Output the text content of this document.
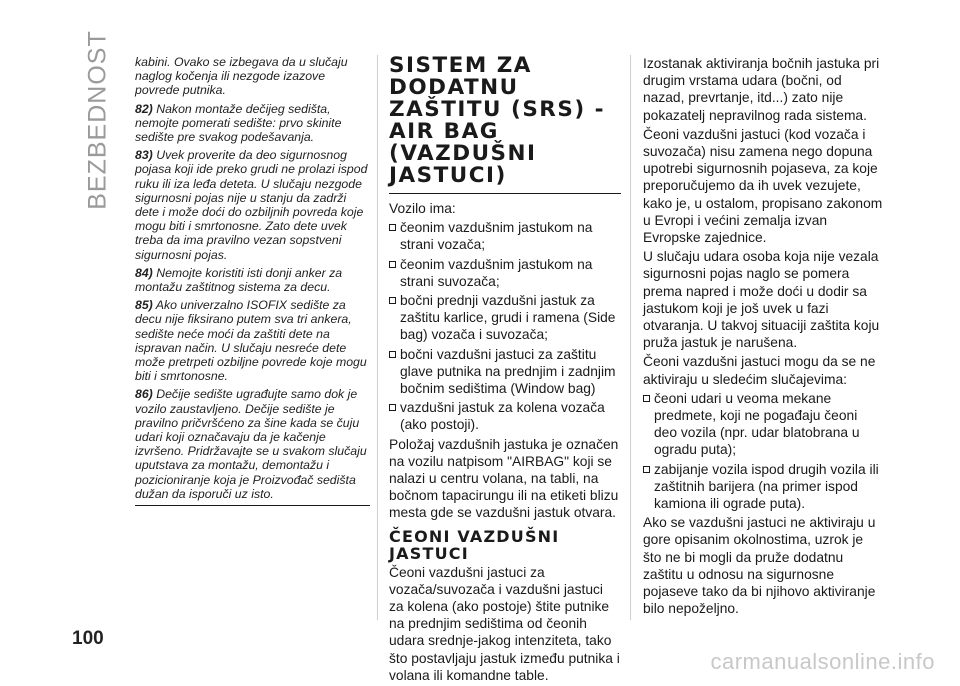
BEZBEDNOST kabini. Ovako se izbegava da u slučaju naglog kočenja ili nezgode izazove povrede putnika.

82) Nakon montaže dečijeg sedišta, nemojte pomerati sedište: prvo skinite sedište pre svakog podešavanja.

83) Uvek proverite da deo sigurnosnog pojasa koji ide preko grudi ne prolazi ispod ruku ili iza leđa deteta. U slučaju nezgode sigurnosni pojas nije u stanju da zadrži dete i može doći do ozbiljnih povreda koje mogu biti i smrtonosne. Zato dete uvek treba da ima pravilno vezan sopstveni sigurnosni pojas.

84) Nemojte koristiti isti donji anker za montažu zaštitnog sistema za decu.

85) Ako univerzalno ISOFIX sedište za decu nije fiksirano putem sva tri ankera, sedište neće moći da zaštiti dete na ispravan način. U slučaju nesreće dete može pretrpeti ozbiljne povrede koje mogu biti i smrtonosne.

86) Dečije sedište ugrađujte samo dok je vozilo zaustavljeno. Dečije sedište je pravilno pričvršćeno za šine kada se čuju udari koji označavaju da je kačenje izvršeno. Pridržavajte se u svakom slučaju uputstava za montažu, demontažu i pozicioniranje koja je Proizvođač sedišta dužan da isporuči uz isto.

SISTEM ZA DODATNU ZAŠTITU (SRS) - AIR BAG (VAZDUŠNI JASTUCI)

Vozilo ima:

čeonim vazdušnim jastukom na strani vozača;

čeonim vazdušnim jastukom na strani suvozača;

bočni prednji vazdušni jastuk za zaštitu karlice, grudi i ramena (Side bag) vozača i suvozača;

bočni vazdušni jastuci za zaštitu glave putnika na prednjim i zadnjim bočnim sedištima (Window bag)

vazdušni jastuk za kolena vozača (ako postoji).

Položaj vazdušnih jastuka je označen na vozilu natpisom "AIRBAG" koji se nalazi u centru volana, na tabli, na bočnom tapacirungu ili na etiketi blizu mesta gde se vazdušni jastuk otvara.

ČEONI VAZDUŠNI JASTUCI

Čeoni vazdušni jastuci za vozača/suvozača i vazdušni jastuci za kolena (ako postoje) štite putnike na prednjim sedištima od čeonih udara srednje-jakog intenziteta, tako što postavljaju jastuk između putnika i volana ili komandne table.

Izostanak aktiviranja bočnih jastuka pri drugim vrstama udara (bočni, od nazad, prevrtanje, itd...) zato nije pokazatelj nepravilnog rada sistema.

Čeoni vazdušni jastuci (kod vozača i suvozača) nisu zamena nego dopuna upotrebi sigurnosnih pojaseva, za koje preporučujemo da ih uvek vezujete, kako je, u ostalom, propisano zakonom u Evropi i većini zemalja izvan Evropske zajednice.

U slučaju udara osoba koja nije vezala sigurnosni pojas naglo se pomera prema napred i može doći u dodir sa jastukom koji je još uvek u fazi otvaranja. U takvoj situaciji zaštita koju pruža jastuk je narušena.

Čeoni vazdušni jastuci mogu da se ne aktiviraju u sledećim slučajevima:

čeoni udari u veoma mekane predmete, koji ne pogađaju čeoni deo vozila (npr. udar blatobrana u ogradu puta);

zabijanje vozila ispod drugih vozila ili zaštitnih barijera (na primer ispod kamiona ili ograde puta).

Ako se vazdušni jastuci ne aktiviraju u gore opisanim okolnostima, uzrok je što ne bi mogli da pruže dodatnu zaštitu u odnosu na sigurnosne pojaseve tako da bi njihovo aktiviranje bilo nepoželjno.

100
carmanualsonline.info
